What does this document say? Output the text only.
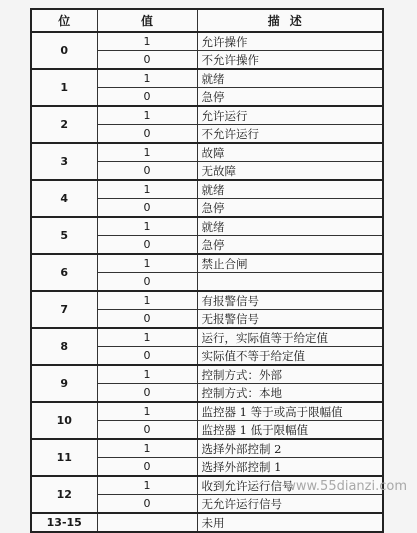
位	值	描述
0	1	允许操作
	0	不允许操作
1	1	就绪
	0	急停
2	1	允许运行
	0	不允许运行
3	1	故障
	0	无故障
4	1	就绪
	0	急停
5	1	就绪
	0	急停
6	1	禁止合闸
	0	
7	1	有报警信号
	0	无报警信号
8	1	运行，实际值等于给定值
	0	实际值不等于给定值
9	1	控制方式：外部
	0	控制方式：本地
10	1	监控器 1 等于或高于限幅值
	0	监控器 1 低于限幅值
11	1	选择外部控制 2
	0	选择外部控制 1
12	1	收到允许运行信号
	0	无允许运行信号
13-15		未用
www.55dianzi.com
